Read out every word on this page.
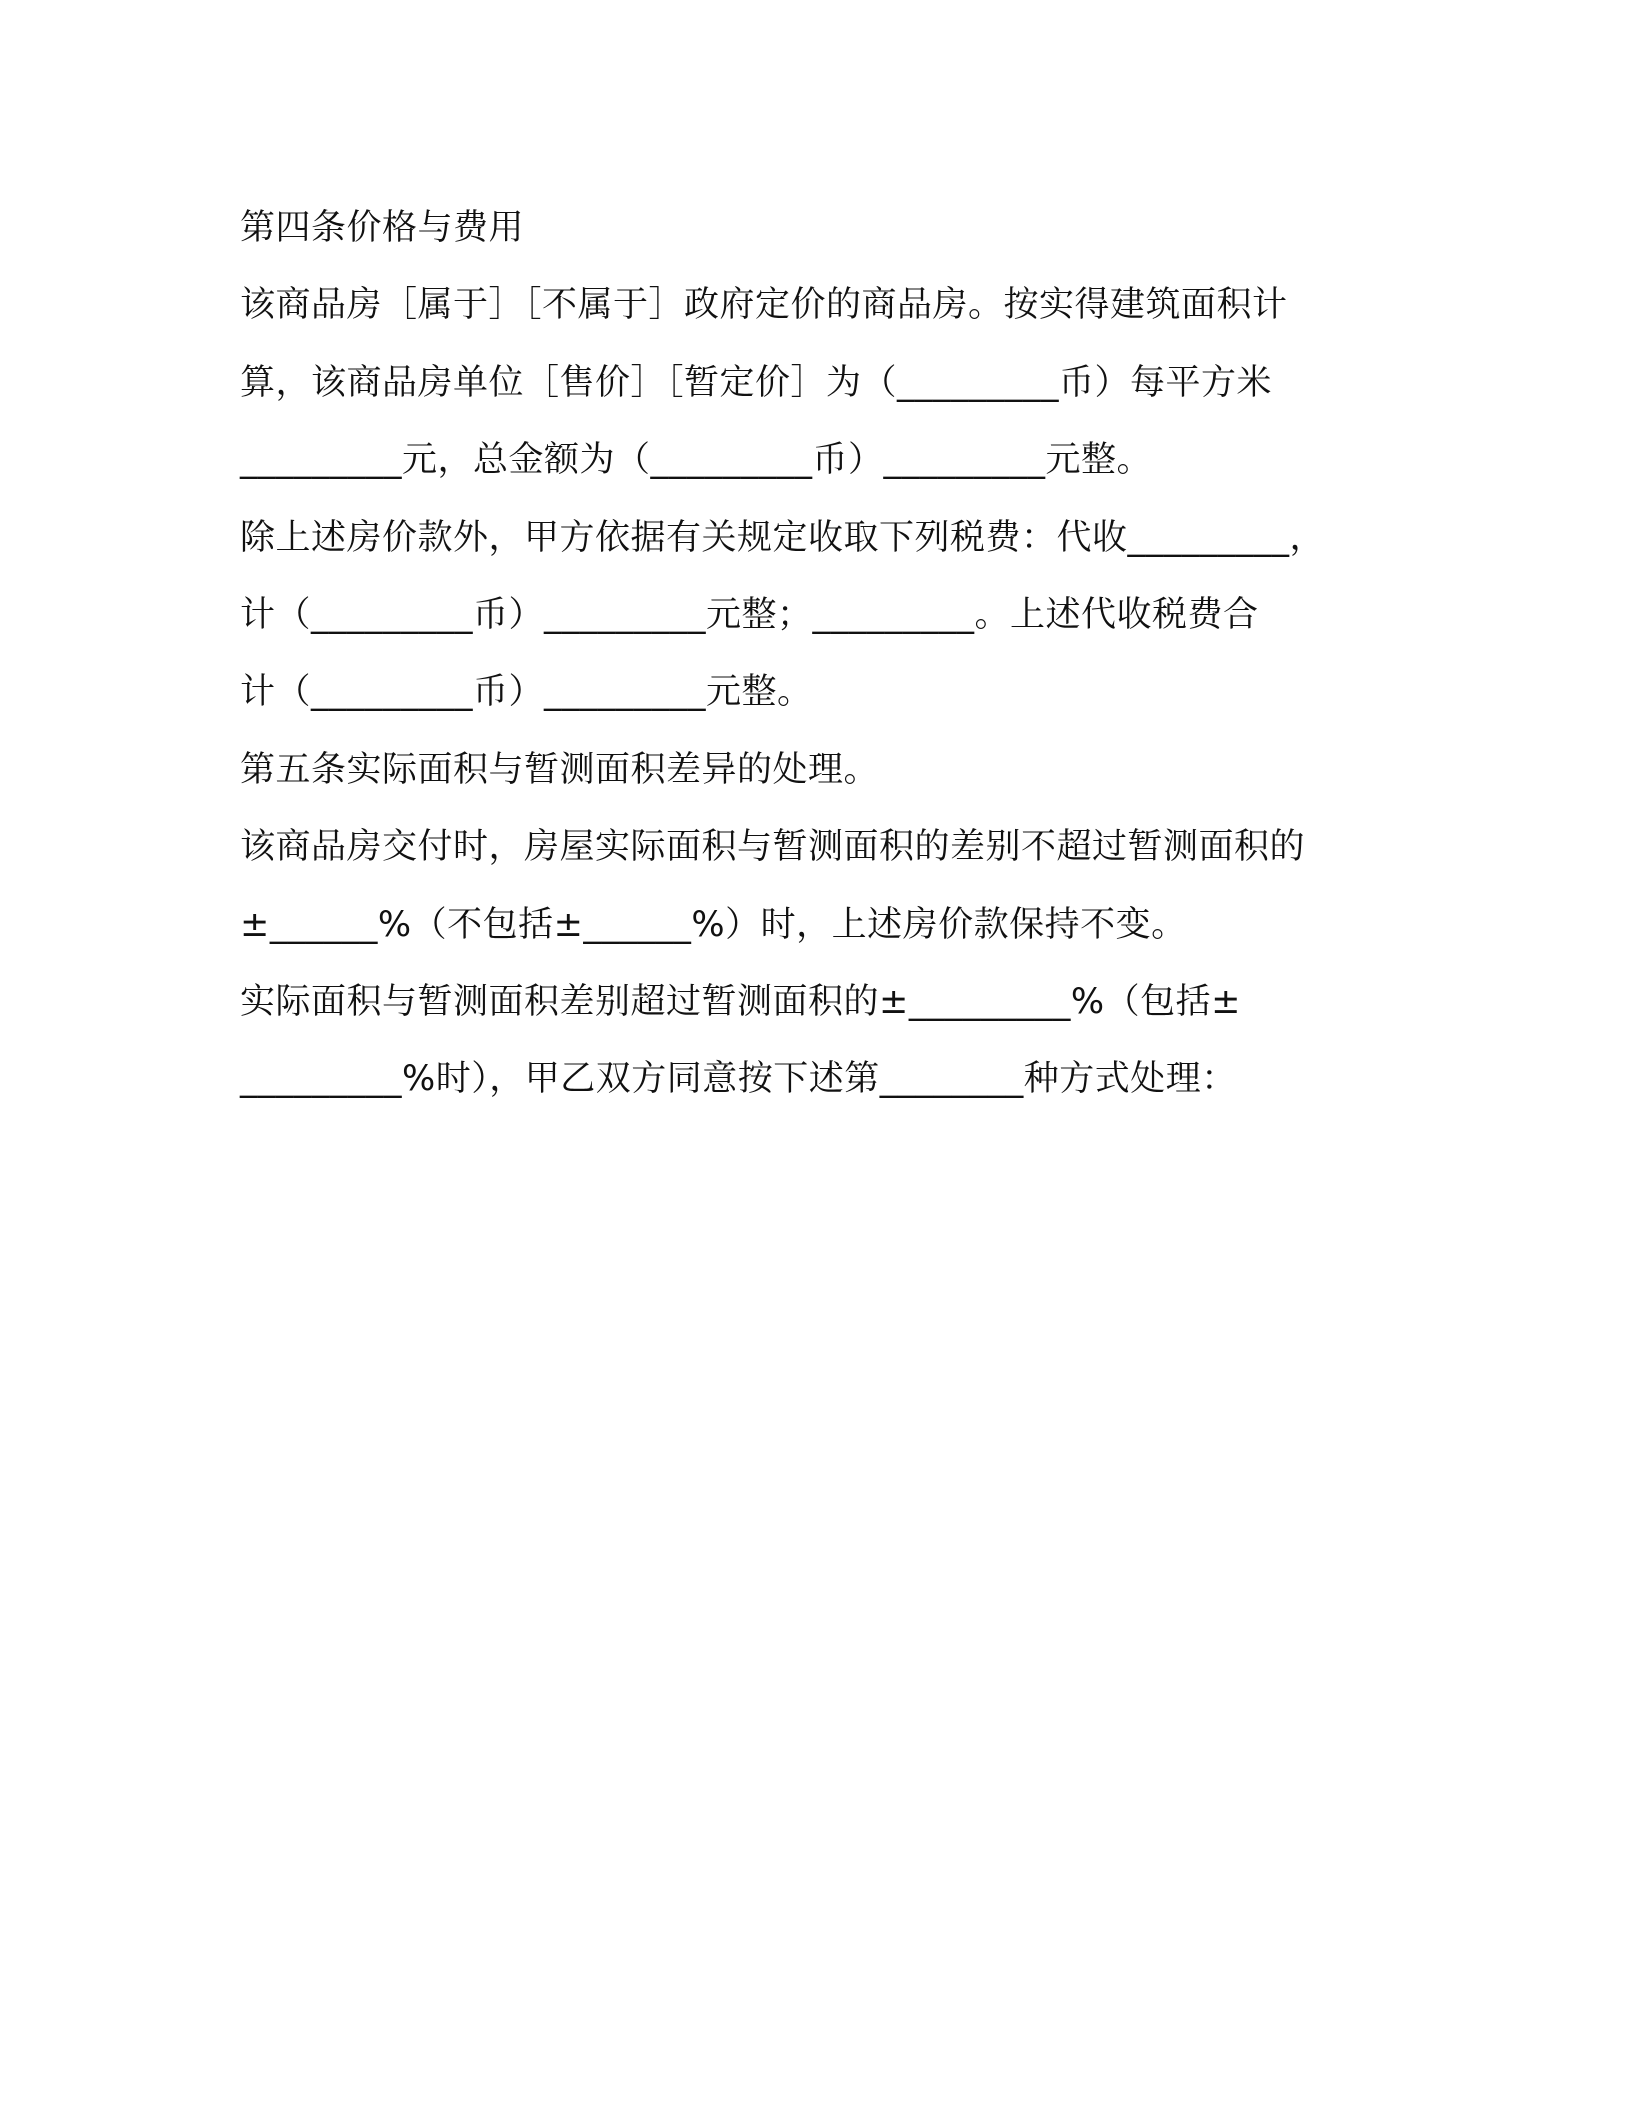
第四条价格与费用
该商品房［属于］［不属于］政府定价的商品房。按实得建筑面积计
算，该商品房单位［售价］［暂定价］为（_________币）每平方米
_________元，总金额为（_________币）_________元整。
除上述房价款外，甲方依据有关规定收取下列税费：代收_________，
计（_________币）_________元整；_________。上述代收税费合
计（_________币）_________元整。
第五条实际面积与暂测面积差异的处理。
该商品房交付时，房屋实际面积与暂测面积的差别不超过暂测面积的
±______%（不包括±______%）时，上述房价款保持不变。
实际面积与暂测面积差别超过暂测面积的±_________%（包括±
_________%时），甲乙双方同意按下述第________种方式处理：
